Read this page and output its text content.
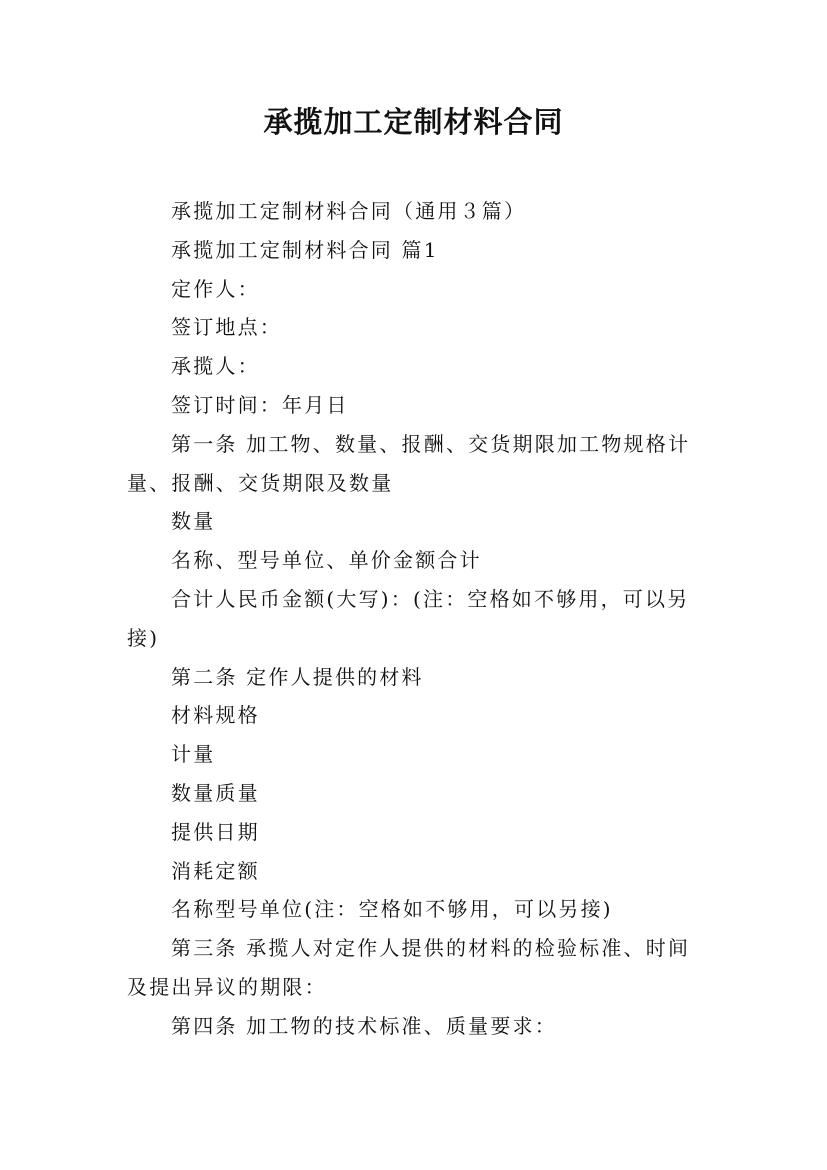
承揽加工定制材料合同

承揽加工定制材料合同（通用３篇）

承揽加工定制材料合同 篇1

定作人：

签订地点：

承揽人：

签订时间：年月日

第一条 加工物、数量、报酬、交货期限加工物规格计量、报酬、交货期限及数量

数量

名称、型号单位、单价金额合计

合计人民币金额(大写)：(注：空格如不够用，可以另接)

第二条 定作人提供的材料

材料规格

计量

数量质量

提供日期

消耗定额

名称型号单位(注：空格如不够用，可以另接)

第三条 承揽人对定作人提供的材料的检验标准、时间及提出异议的期限：

第四条 加工物的技术标准、质量要求：
